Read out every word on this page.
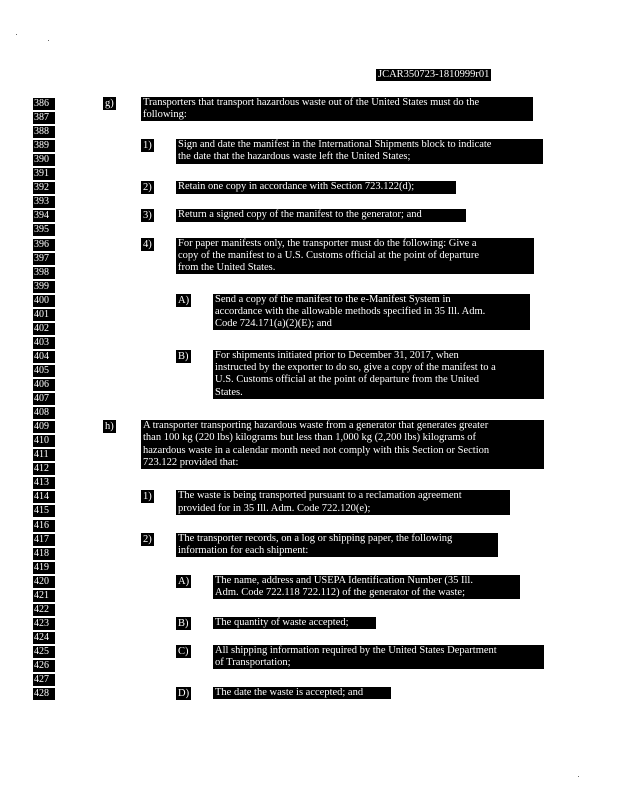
JCAR350723-1810999r01
386
387
388
389
390
391
392
393
394
395
396
397
398
399
400
401
402
403
404
405
406
407
408
409
410
411
412
413
414
415
416
417
418
419
420
421
422
423
424
425
426
427
428
g)	Transporters that transport hazardous waste out of the United States must do the
following:
1)	Sign and date the manifest in the International Shipments block to indicate
the date that the hazardous waste left the United States;
2)	Retain one copy in accordance with Section 723.122(d);
3)	Return a signed copy of the manifest to the generator; and
4)	For paper manifests only, the transporter must do the following: Give a
copy of the manifest to a U.S. Customs official at the point of departure
from the United States.
A) Send a copy of the manifest to the e-Manifest System in
accordance with the allowable methods specified in 35 Ill. Adm.
Code 724.171(a)(2)(E); and
B)	For shipments initiated prior to December 31, 2017, when
instructed by the exporter to do so, give a copy of the manifest to a
U.S. Customs official at the point of departure from the United
States.
h)	A transporter transporting hazardous waste from a generator that generates greater
than 100 kg (220 lbs) kilograms but less than 1,000 kg (2,200 lbs) kilograms of
hazardous waste in a calendar month need not comply with this Section or Section
723.122 provided that:
1)	The waste is being transported pursuant to a reclamation agreement
provided for in 35 Ill. Adm. Code 722.120(e);
2)	The transporter records, on a log or shipping paper, the following
information for each shipment:
A) The name, address and USEPA Identification Number (35 Ill.
Adm. Code 722.118 722.112) of the generator of the waste;
B)	The quantity of waste accepted;
C)	All shipping information required by the United States Department
of Transportation;
D) The date the waste is accepted; and
